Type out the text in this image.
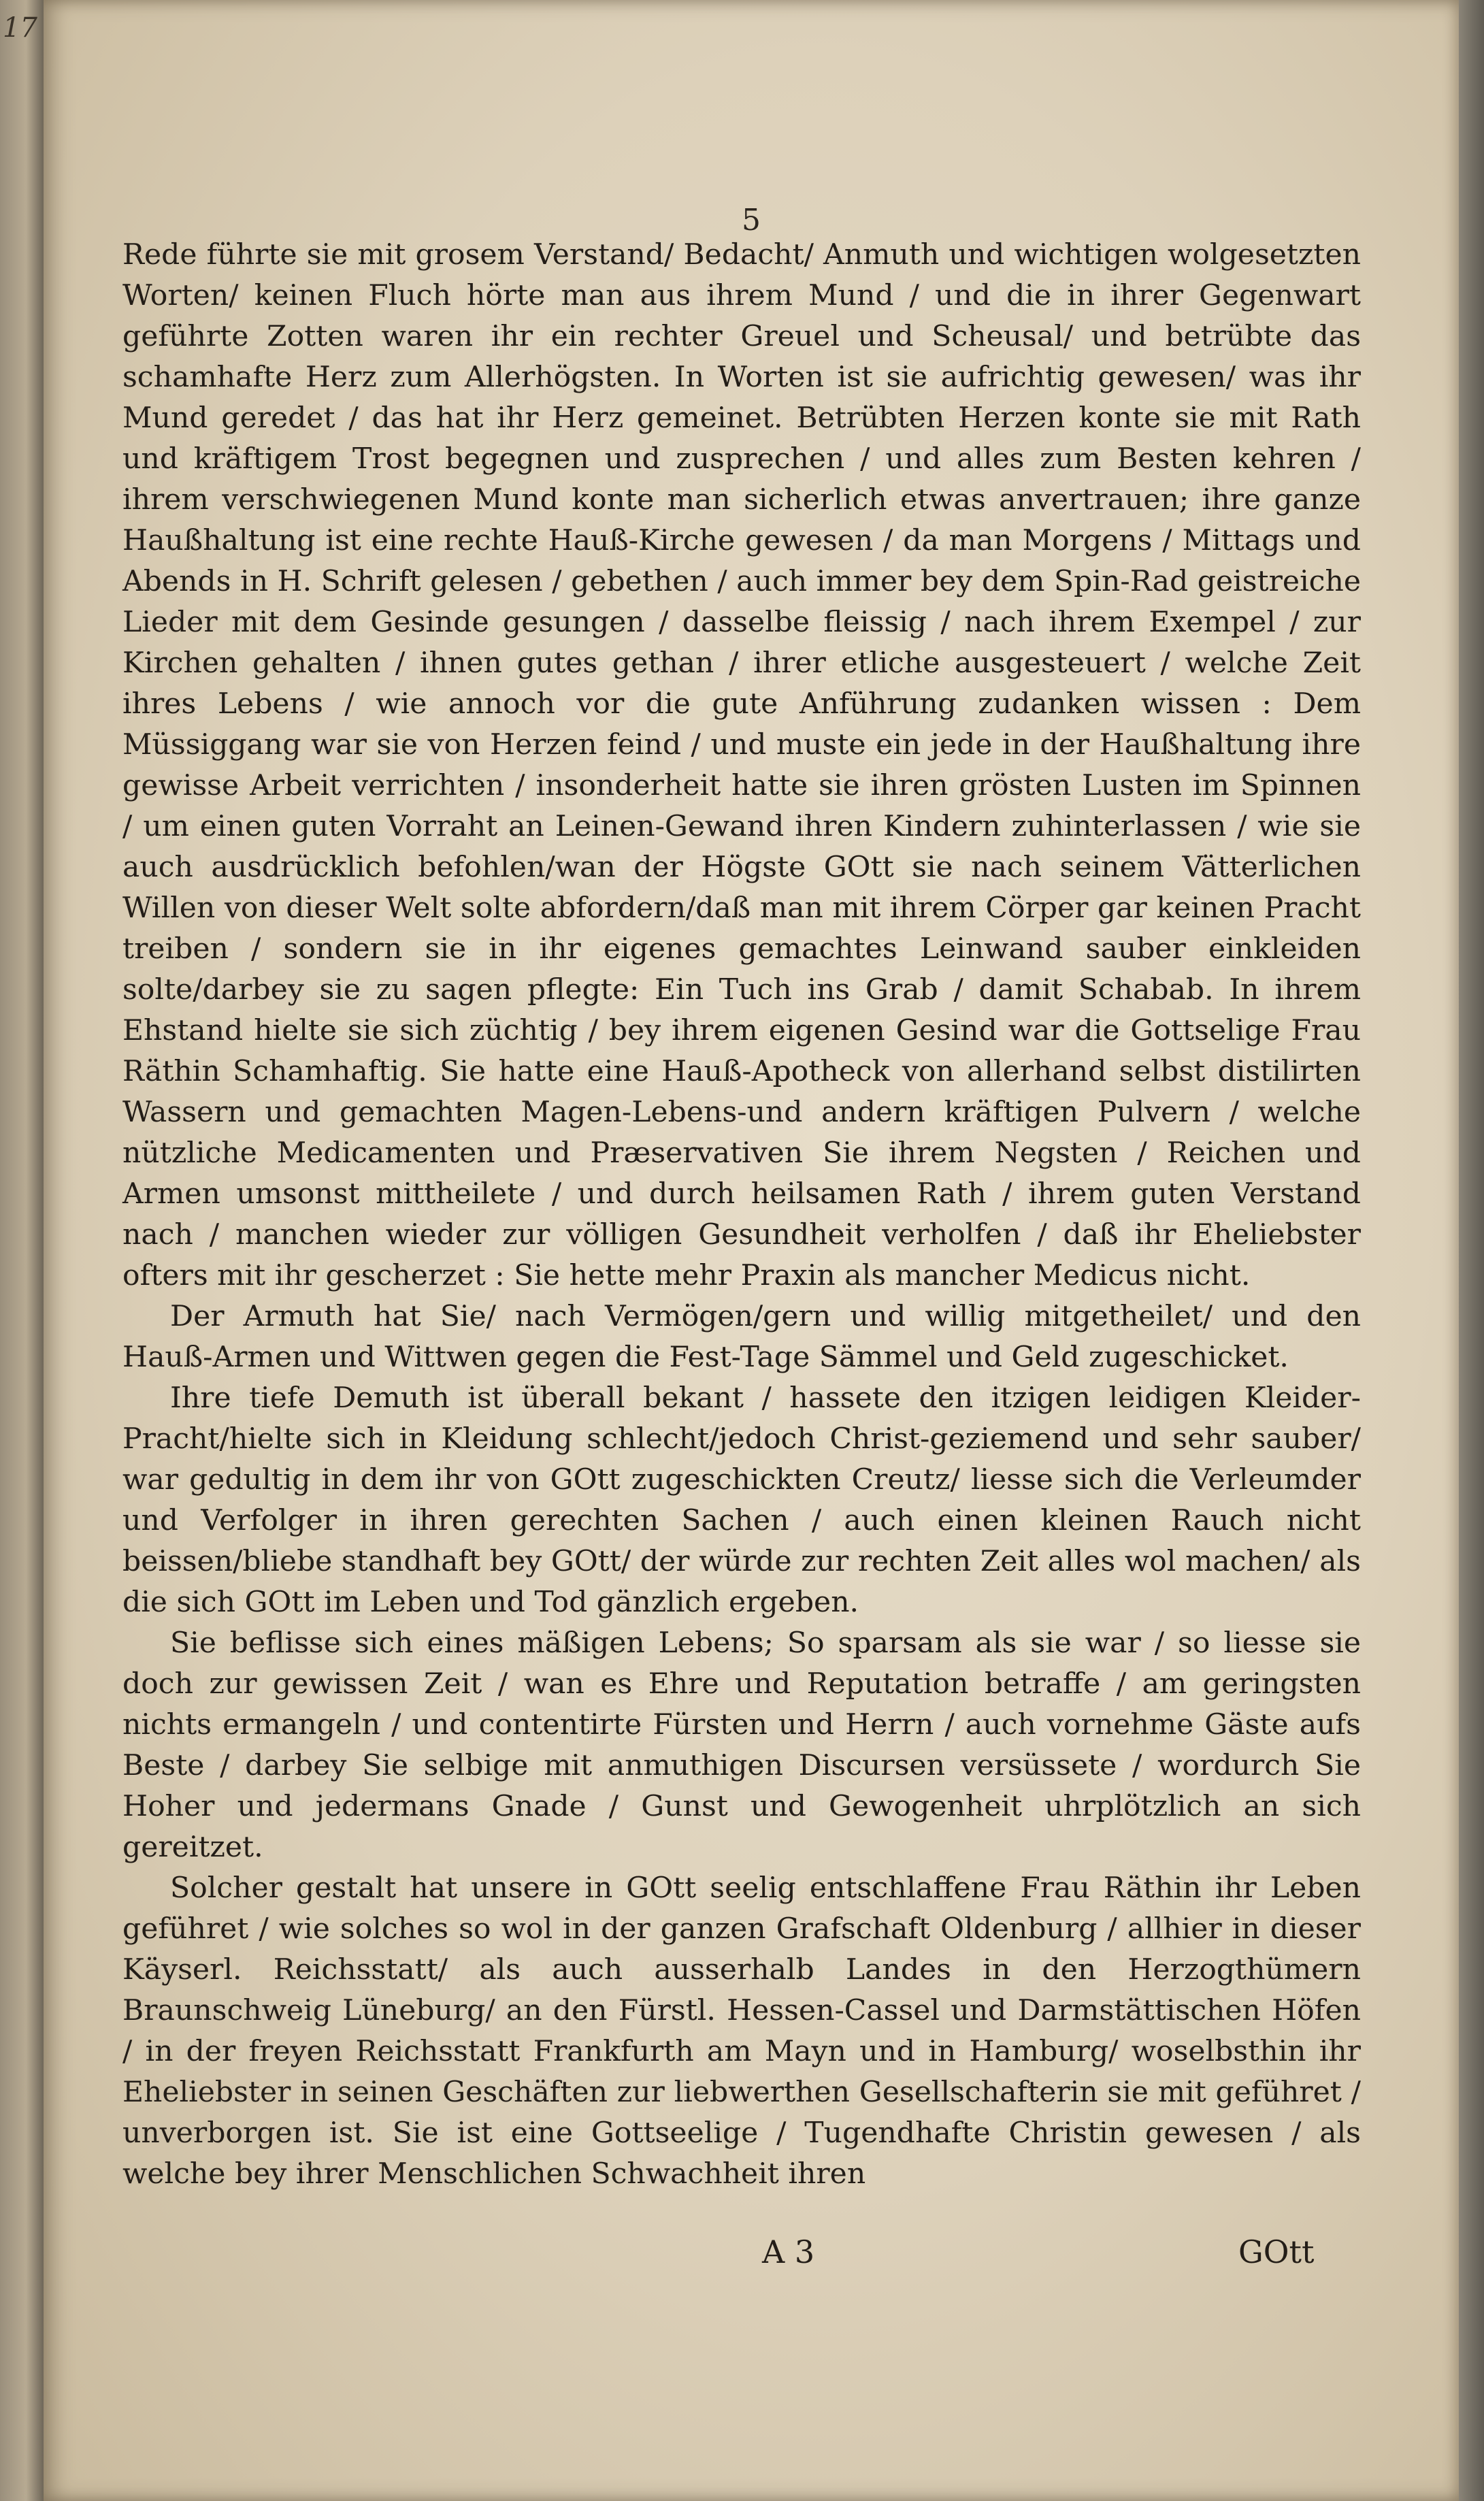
17

5

Rede führte sie mit grosem Verstand/ Bedacht/ Anmuth und wichtigen wolgesetzten Worten/ keinen Fluch hörte man aus ihrem Mund / und die in ihrer Gegenwart geführte Zotten waren ihr ein rechter Greuel und Scheusal/ und betrübte das schamhafte Herz zum Allerhögsten. In Worten ist sie aufrichtig gewesen/ was ihr Mund geredet / das hat ihr Herz gemeinet. Betrübten Herzen konte sie mit Rath und kräftigem Trost begegnen und zusprechen / und alles zum Besten kehren / ihrem verschwiegenen Mund konte man sicherlich etwas anvertrauen; ihre ganze Haußhaltung ist eine rechte Hauß-Kirche gewesen / da man Morgens / Mittags und Abends in H. Schrift gelesen / gebethen / auch immer bey dem Spin-Rad geistreiche Lieder mit dem Gesinde gesungen / dasselbe fleissig / nach ihrem Exempel / zur Kirchen gehalten / ihnen gutes gethan / ihrer etliche ausgesteuert / welche Zeit ihres Lebens / wie annoch vor die gute Anführung zudanken wissen : Dem Müssiggang war sie von Herzen feind / und muste ein jede in der Haußhaltung ihre gewisse Arbeit verrichten / insonderheit hatte sie ihren grösten Lusten im Spinnen / um einen guten Vorraht an Leinen-Gewand ihren Kindern zuhinterlassen / wie sie auch ausdrücklich befohlen/wan der Högste GOtt sie nach seinem Vätterlichen Willen von dieser Welt solte abfordern/daß man mit ihrem Cörper gar keinen Pracht treiben / sondern sie in ihr eigenes gemachtes Leinwand sauber einkleiden solte/darbey sie zu sagen pflegte: Ein Tuch ins Grab / damit Schabab. In ihrem Ehstand hielte sie sich züchtig / bey ihrem eigenen Gesind war die Gottselige Frau Räthin Schamhaftig. Sie hatte eine Hauß-Apotheck von allerhand selbst distilirten Wassern und gemachten Magen-Lebens-und andern kräftigen Pulvern / welche nützliche Medicamenten und Præservativen Sie ihrem Negsten / Reichen und Armen umsonst mittheilete / und durch heilsamen Rath / ihrem guten Verstand nach / manchen wieder zur völligen Gesundheit verholfen / daß ihr Eheliebster ofters mit ihr gescherzet : Sie hette mehr Praxin als mancher Medicus nicht.

Der Armuth hat Sie/ nach Vermögen/gern und willig mitgetheilet/ und den Hauß-Armen und Wittwen gegen die Fest-Tage Sämmel und Geld zugeschicket.

Ihre tiefe Demuth ist überall bekant / hassete den itzigen leidigen Kleider-Pracht/hielte sich in Kleidung schlecht/jedoch Christ-geziemend und sehr sauber/ war gedultig in dem ihr von GOtt zugeschickten Creutz/ liesse sich die Verleumder und Verfolger in ihren gerechten Sachen / auch einen kleinen Rauch nicht beissen/bliebe standhaft bey GOtt/ der würde zur rechten Zeit alles wol machen/ als die sich GOtt im Leben und Tod gänzlich ergeben.

Sie beflisse sich eines mäßigen Lebens; So sparsam als sie war / so liesse sie doch zur gewissen Zeit / wan es Ehre und Reputation betraffe / am geringsten nichts ermangeln / und contentirte Fürsten und Herrn / auch vornehme Gäste aufs Beste / darbey Sie selbige mit anmuthigen Discursen versüssete / wordurch Sie Hoher und jedermans Gnade / Gunst und Gewogenheit uhrplötzlich an sich gereitzet.

Solcher gestalt hat unsere in GOtt seelig entschlaffene Frau Räthin ihr Leben geführet / wie solches so wol in der ganzen Grafschaft Oldenburg / allhier in dieser Käyserl. Reichsstatt/ als auch ausserhalb Landes in den Herzogthümern Braunschweig Lüneburg/ an den Fürstl. Hessen-Cassel und Darmstättischen Höfen / in der freyen Reichsstatt Frankfurth am Mayn und in Hamburg/ woselbsthin ihr Eheliebster in seinen Geschäften zur liebwerthen Gesellschafterin sie mit geführet / unverborgen ist. Sie ist eine Gottseelige / Tugendhafte Christin gewesen / als welche bey ihrer Menschlichen Schwachheit ihren

A 3	GOtt
